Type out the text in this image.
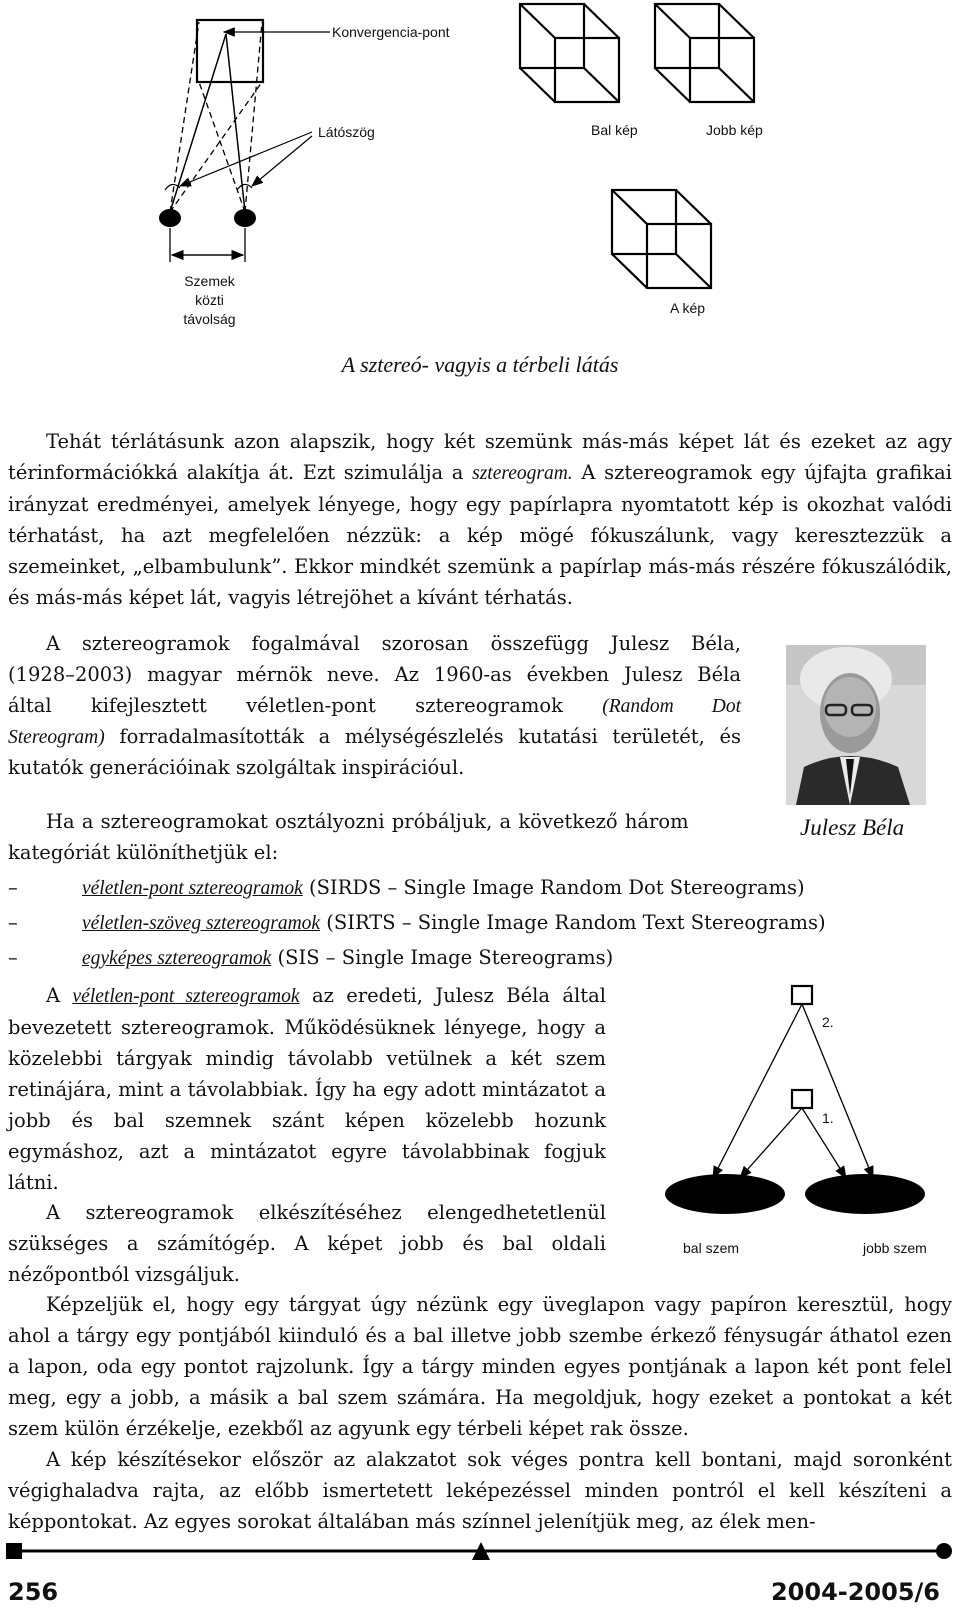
Konvergencia-pont
Látószög
Szemek
közti
távolság
Bal kép	Jobb kép
A kép
A sztereó- vagyis a térbeli látás
Tehát térlátásunk azon alapszik, hogy két szemünk más-más képet lát és ezeket az agy térinformációkká alakítja át. Ezt szimulálja a sztereogram. A sztereogramok egy újfajta grafikai irányzat eredményei, amelyek lényege, hogy egy papírlapra nyomtatott kép is okozhat valódi térhatást, ha azt megfelelően nézzük: a kép mögé fókuszálunk, vagy keresztezzük a szemeinket, „elbambulunk”. Ekkor mindkét szemünk a papírlap más-más részére fókuszálódik, és más-más képet lát, vagyis létrejöhet a kívánt térhatás.
A sztereogramok fogalmával szorosan összefügg Julesz Béla,
(1928–2003) magyar mérnök neve. Az 1960-as években Julesz Béla
által kifejlesztett véletlen-pont sztereogramok (Random Dot
Stereogram) forradalmasították a mélységészlelés kutatási területét, és
kutatók generációinak szolgáltak inspirációul.
Julesz Béla
Ha a sztereogramokat osztályozni próbáljuk, a következő három
kategóriát különíthetjük el:
–	véletlen-pont sztereogramok (SIRDS – Single Image Random Dot Stereograms)
–	véletlen-szöveg sztereogramok (SIRTS – Single Image Random Text Stereograms)
–	egyképes sztereogramok (SIS – Single Image Stereograms)
A véletlen-pont sztereogramok az eredeti, Julesz Béla által bevezetett sztereogramok. Működésüknek lényege, hogy a közelebbi tárgyak mindig távolabb vetülnek a két szem retinájára, mint a távolabbiak. Így ha egy adott mintázatot a jobb és bal szemnek szánt képen közelebb hozunk egymáshoz, azt a mintázatot egyre távolabbinak fogjuk látni.
A sztereogramok elkészítéséhez elengedhetetlenül szükséges a számítógép. A képet jobb és bal oldali nézőpontból vizsgáljuk.
2.
1.
bal szem	jobb szem
Képzeljük el, hogy egy tárgyat úgy nézünk egy üveglapon vagy papíron keresztül, hogy ahol a tárgy egy pontjából kiinduló és a bal illetve jobb szembe érkező fénysugár áthatol ezen a lapon, oda egy pontot rajzolunk. Így a tárgy minden egyes pontjának a lapon két pont felel meg, egy a jobb, a másik a bal szem számára. Ha megoldjuk, hogy ezeket a pontokat a két szem külön érzékelje, ezekből az agyunk egy térbeli képet rak össze.
A kép készítésekor először az alakzatot sok véges pontra kell bontani, majd soronként végighaladva rajta, az előbb ismertetett leképezéssel minden pontról el kell készíteni a képpontokat. Az egyes sorokat általában más színnel jelenítjük meg, az élek men-
256	2004-2005/6
